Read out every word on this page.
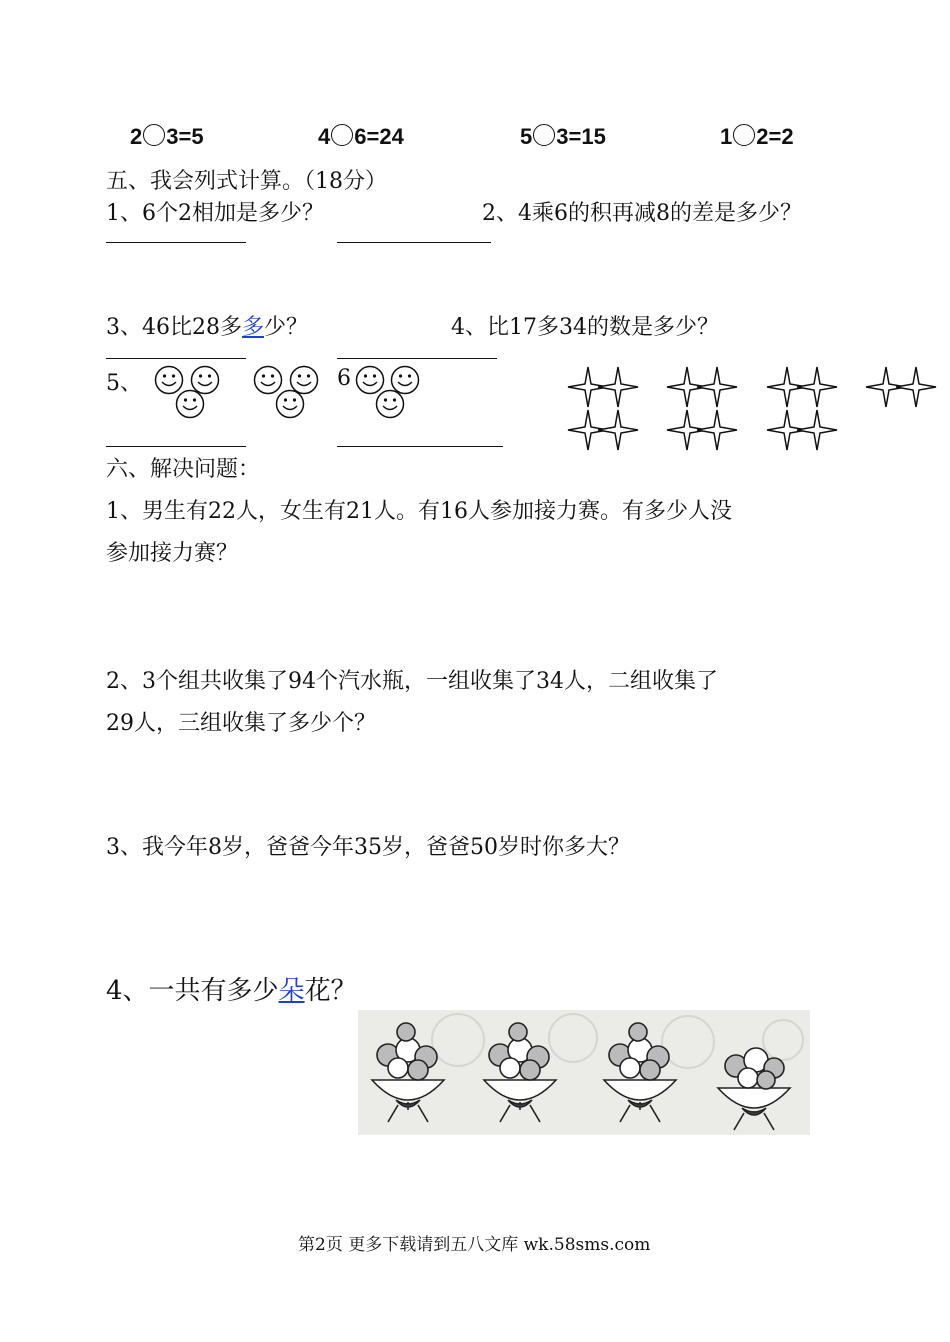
2 3=5	4 6=24	5 3=15	1 2=2
五、我会列式计算。（18分）
1、6个2相加是多少？	2、4乘6的积再减8的差是多少？
3、46比28多多少？	4、比17多34的数是多少？
5、	6
六、解决问题：
1、男生有22人，女生有21人。有16人参加接力赛。有多少人没
参加接力赛？
2、3个组共收集了94个汽水瓶，一组收集了34人，二组收集了
29人，三组收集了多少个？
3、我今年8岁，爸爸今年35岁，爸爸50岁时你多大？
4、一共有多少朵花？
第2页 更多下载请到五八文库 wk.58sms.com
